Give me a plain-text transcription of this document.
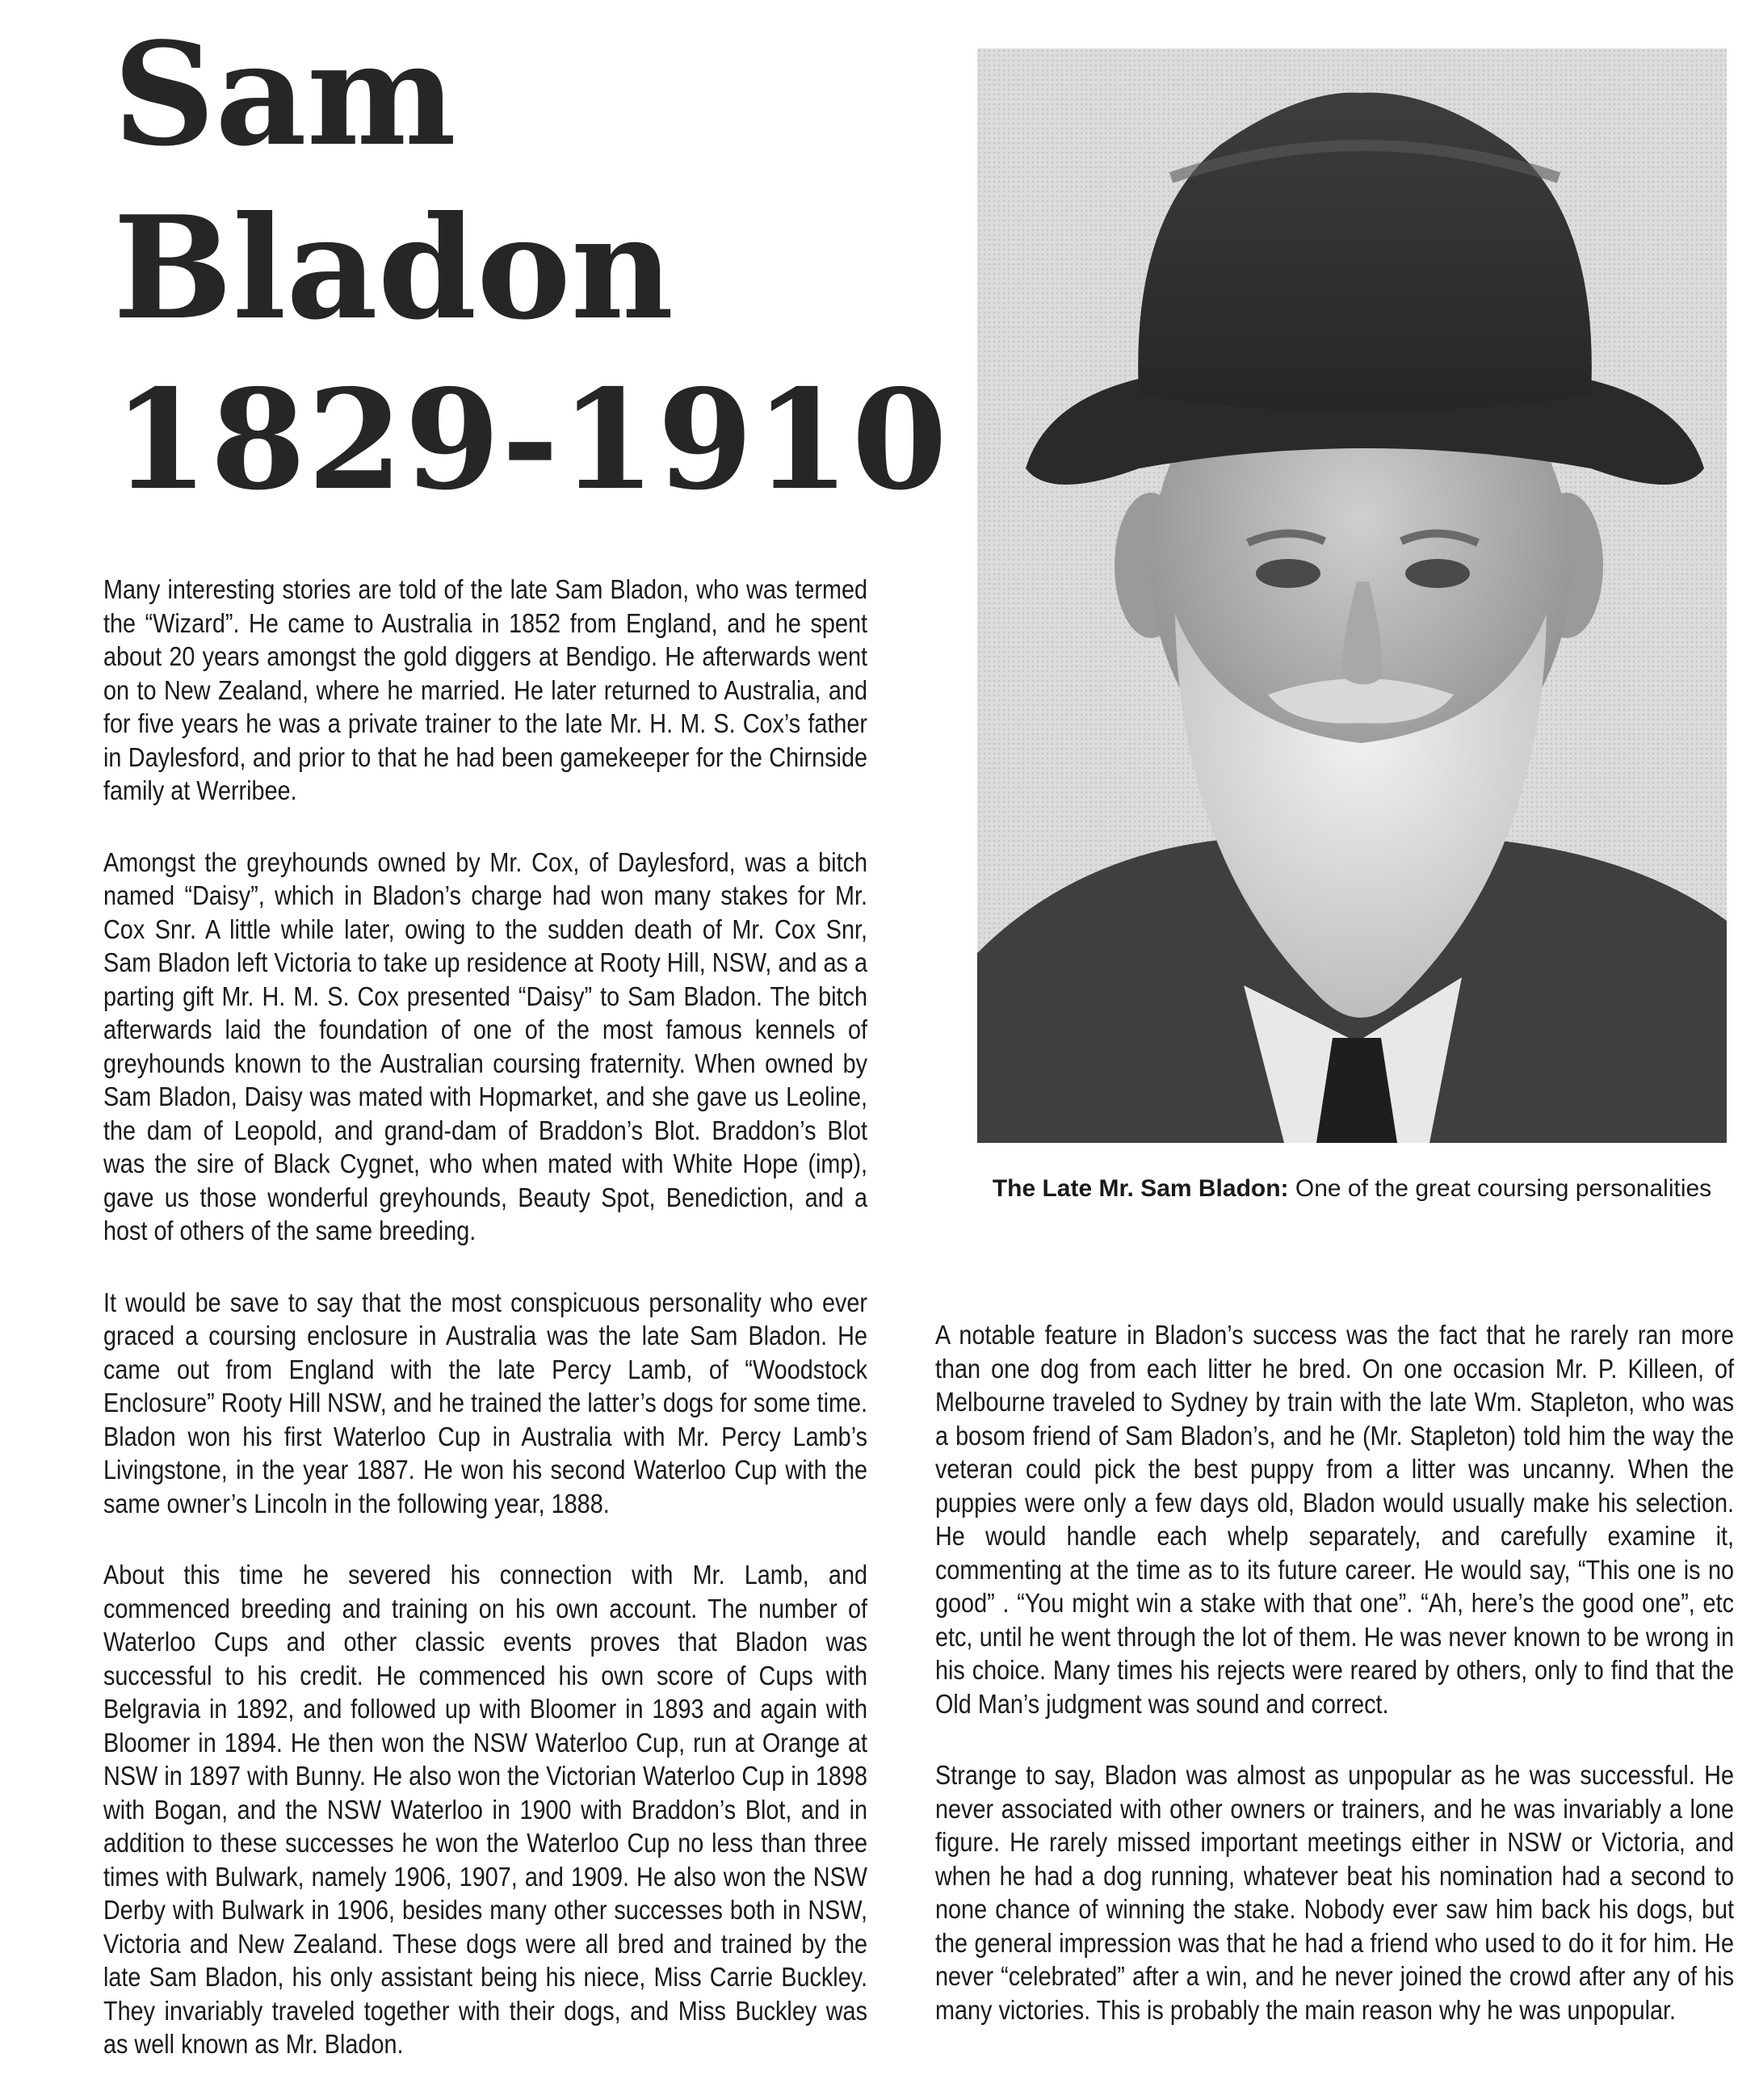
Sam
Bladon
1829-1910

Many interesting stories are told of the late Sam Bladon, who was termed the “Wizard”. He came to Australia in 1852 from England, and he spent about 20 years amongst the gold diggers at Bendigo. He afterwards went on to New Zealand, where he married. He later returned to Australia, and for five years he was a private trainer to the late Mr. H. M. S. Cox’s father in Daylesford, and prior to that he had been gamekeeper for the Chirnside family at Werribee.

Amongst the greyhounds owned by Mr. Cox, of Daylesford, was a bitch named “Daisy”, which in Bladon’s charge had won many stakes for Mr. Cox Snr. A little while later, owing to the sudden death of Mr. Cox Snr, Sam Bladon left Victoria to take up residence at Rooty Hill, NSW, and as a parting gift Mr. H. M. S. Cox presented “Daisy” to Sam Bladon. The bitch afterwards laid the foundation of one of the most famous kennels of greyhounds known to the Australian coursing fraternity. When owned by Sam Bladon, Daisy was mated with Hopmarket, and she gave us Leoline, the dam of Leopold, and grand-dam of Braddon’s Blot. Braddon’s Blot was the sire of Black Cygnet, who when mated with White Hope (imp), gave us those wonderful greyhounds, Beauty Spot, Benediction, and a host of others of the same breeding.

It would be save to say that the most conspicuous personality who ever graced a coursing enclosure in Australia was the late Sam Bladon. He came out from England with the late Percy Lamb, of “Woodstock Enclosure” Rooty Hill NSW, and he trained the latter’s dogs for some time. Bladon won his first Waterloo Cup in Australia with Mr. Percy Lamb’s Livingstone, in the year 1887. He won his second Waterloo Cup with the same owner’s Lincoln in the following year, 1888.

About this time he severed his connection with Mr. Lamb, and commenced breeding and training on his own account. The number of Waterloo Cups and other classic events proves that Bladon was successful to his credit. He commenced his own score of Cups with Belgravia in 1892, and followed up with Bloomer in 1893 and again with Bloomer in 1894. He then won the NSW Waterloo Cup, run at Orange at NSW in 1897 with Bunny. He also won the Victorian Waterloo Cup in 1898 with Bogan, and the NSW Waterloo in 1900 with Braddon’s Blot, and in addition to these successes he won the Waterloo Cup no less than three times with Bulwark, namely 1906, 1907, and 1909. He also won the NSW Derby with Bulwark in 1906, besides many other successes both in NSW, Victoria and New Zealand. These dogs were all bred and trained by the late Sam Bladon, his only assistant being his niece, Miss Carrie Buckley. They invariably traveled together with their dogs, and Miss Buckley was as well known as Mr. Bladon.

The Late Mr. Sam Bladon: One of the great coursing personalities

A notable feature in Bladon’s success was the fact that he rarely ran more than one dog from each litter he bred. On one occasion Mr. P. Killeen, of Melbourne traveled to Sydney by train with the late Wm. Stapleton, who was a bosom friend of Sam Bladon’s, and he (Mr. Stapleton) told him the way the veteran could pick the best puppy from a litter was uncanny. When the puppies were only a few days old, Bladon would usually make his selection. He would handle each whelp separately, and carefully examine it, commenting at the time as to its future career. He would say, “This one is no good” . “You might win a stake with that one”. “Ah, here’s the good one”, etc etc, until he went through the lot of them. He was never known to be wrong in his choice. Many times his rejects were reared by others, only to find that the Old Man’s judgment was sound and correct.

Strange to say, Bladon was almost as unpopular as he was successful. He never associated with other owners or trainers, and he was invariably a lone figure. He rarely missed important meetings either in NSW or Victoria, and when he had a dog running, whatever beat his nomination had a second to none chance of winning the stake. Nobody ever saw him back his dogs, but the general impression was that he had a friend who used to do it for him. He never “celebrated” after a win, and he never joined the crowd after any of his many victories. This is probably the main reason why he was unpopular.
